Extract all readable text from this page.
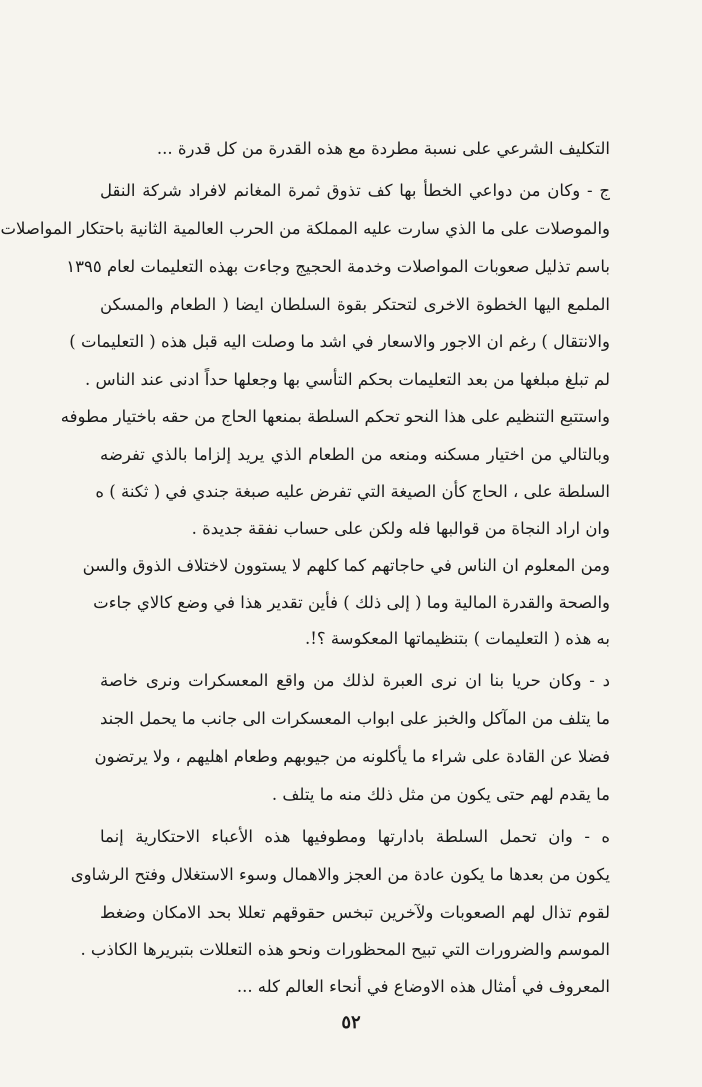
التكليف الشرعي على نسبة مطردة مع هذه القدرة من كل قدرة ...
ج - وكان من دواعي الخطأ بها كف تذوق ثمرة المغانم لافراد شركة النقل
والموصلات على ما الذي سارت عليه المملكة من الحرب العالمية الثانية باحتكار المواصلات
باسم تذليل صعوبات المواصلات وخدمة الحجيج وجاءت بهذه التعليمات لعام ١٣٩٥
الملمع اليها الخطوة الاخرى لتحتكر بقوة السلطان ايضا ( الطعام والمسكن
والانتقال ) رغم ان الاجور والاسعار في اشد ما وصلت اليه قبل هذه ( التعليمات )
لم تبلغ مبلغها من بعد التعليمات بحكم التأسي بها وجعلها حداً ادنى عند الناس .
واستتبع التنظيم على هذا النحو تحكم السلطة بمنعها الحاج من حقه باختيار مطوفه
وبالتالي من اختيار مسكنه ومنعه من الطعام الذي يريد إلزاما بالذي تفرضه
السلطة على ، الحاج كأن الصيغة التي تفرض عليه صبغة جندي في ( ثكنة ) ه
وان اراد النجاة من قوالبها فله ولكن على حساب نفقة جديدة .
ومن المعلوم ان الناس في حاجاتهم كما كلهم لا يستوون لاختلاف الذوق والسن
والصحة والقدرة المالية وما ( إلى ذلك ) فأين تقدير هذا في وضع كالاي جاءت
به هذه ( التعليمات ) بتنظيماتها المعكوسة ؟!.
د - وكان حريا بنا ان نرى العبرة لذلك من واقع المعسكرات ونرى خاصة
ما يتلف من المآكل والخبز على ابواب المعسكرات الى جانب ما يحمل الجند
فضلا عن القادة على شراء ما يأكلونه من جيوبهم وطعام اهليهم ، ولا يرتضون
ما يقدم لهم حتى يكون من مثل ذلك منه ما يتلف .
ه - وان تحمل السلطة بادارتها ومطوفيها هذه الأعباء الاحتكارية إنما
يكون من بعدها ما يكون عادة من العجز والاهمال وسوء الاستغلال وفتح الرشاوى
لقوم تذال لهم الصعوبات ولآخرين تبخس حقوقهم تعللا بحد الامكان وضغط
الموسم والضرورات التي تبيح المحظورات ونحو هذه التعللات بتبريرها الكاذب .
المعروف في أمثال هذه الاوضاع في أنحاء العالم كله ...
٥٢
